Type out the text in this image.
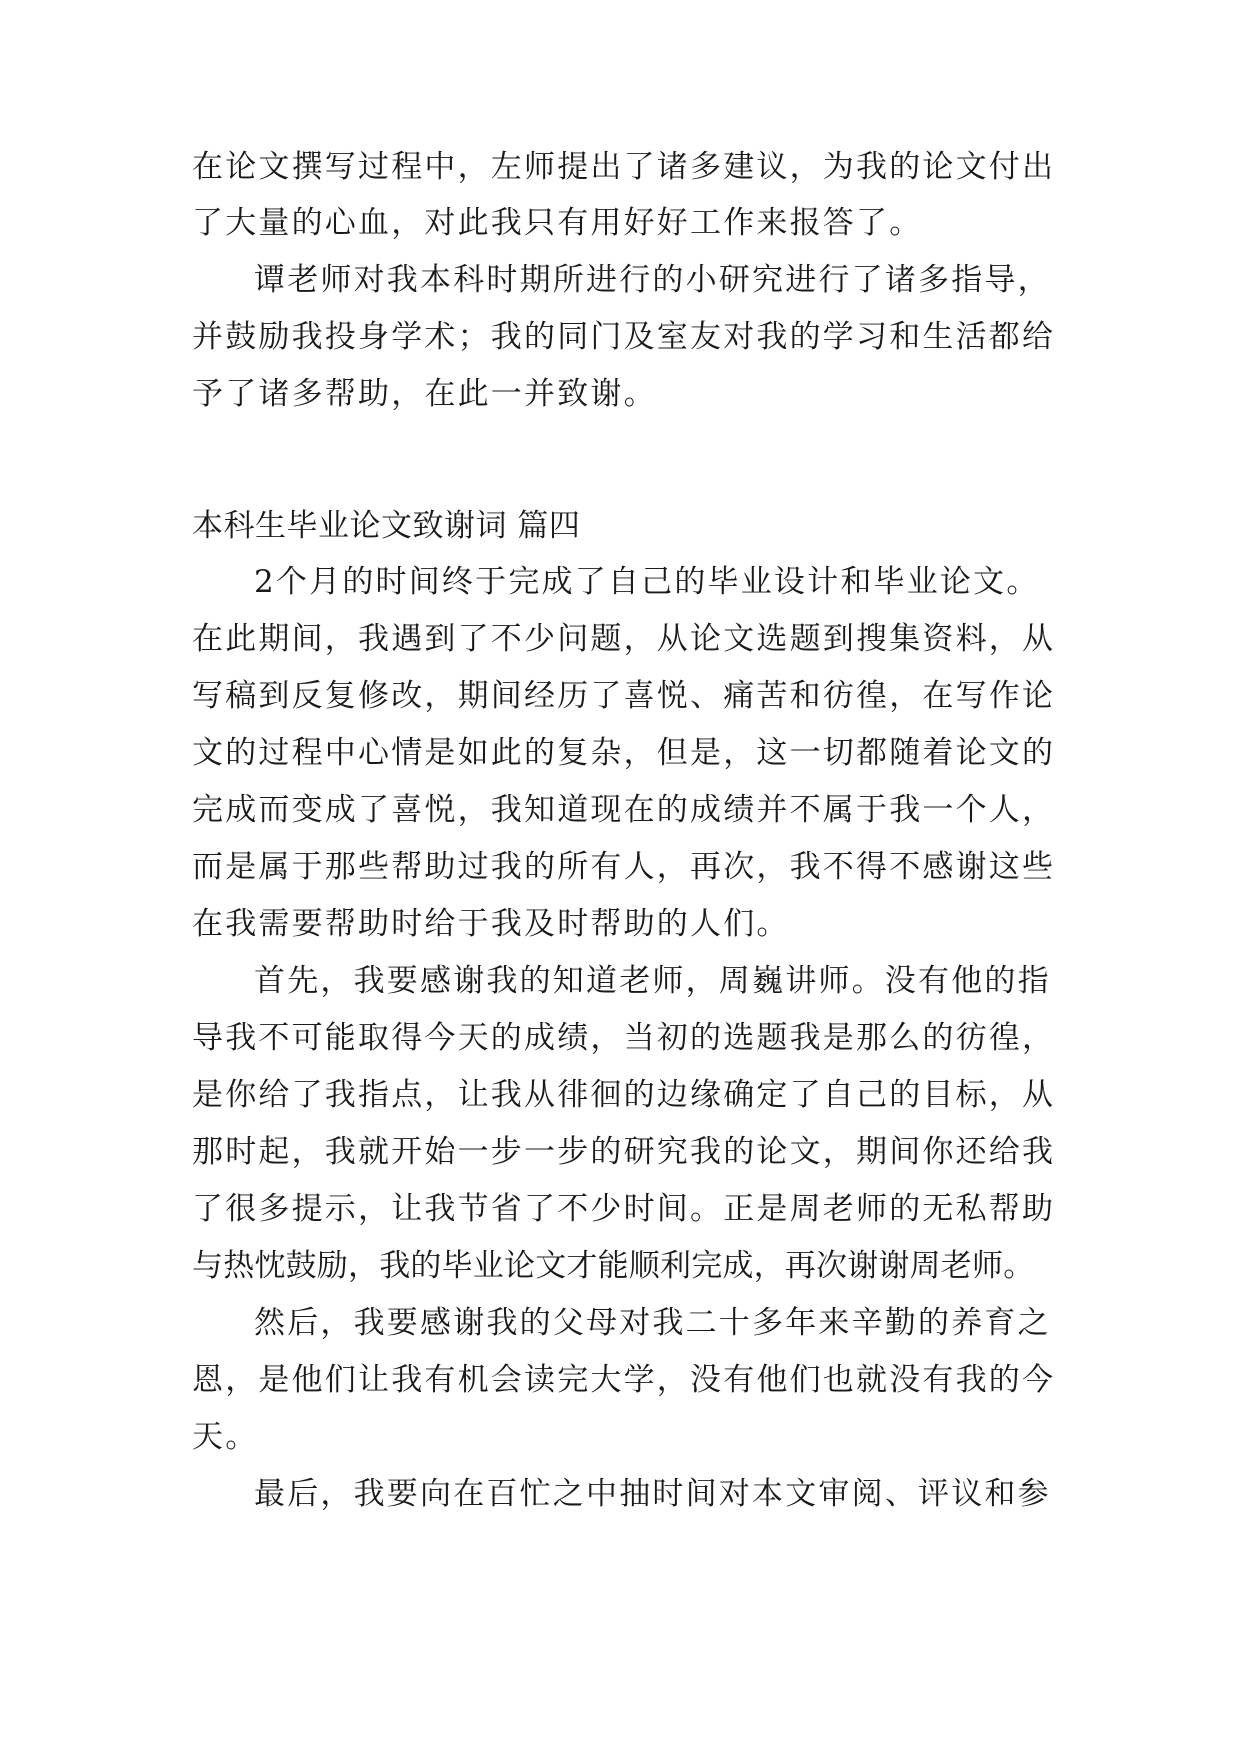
在论文撰写过程中，左师提出了诸多建议，为我的论文付出
了大量的心血，对此我只有用好好工作来报答了。
谭老师对我本科时期所进行的小研究进行了诸多指导，
并鼓励我投身学术；我的同门及室友对我的学习和生活都给
予了诸多帮助，在此一并致谢。
本科生毕业论文致谢词 篇四
2个月的时间终于完成了自己的毕业设计和毕业论文。
在此期间，我遇到了不少问题，从论文选题到搜集资料，从
写稿到反复修改，期间经历了喜悦、痛苦和彷徨，在写作论
文的过程中心情是如此的复杂，但是，这一切都随着论文的
完成而变成了喜悦，我知道现在的成绩并不属于我一个人，
而是属于那些帮助过我的所有人，再次，我不得不感谢这些
在我需要帮助时给于我及时帮助的人们。
首先，我要感谢我的知道老师，周巍讲师。没有他的指
导我不可能取得今天的成绩，当初的选题我是那么的彷徨，
是你给了我指点，让我从徘徊的边缘确定了自己的目标，从
那时起，我就开始一步一步的研究我的论文，期间你还给我
了很多提示，让我节省了不少时间。正是周老师的无私帮助
与热忱鼓励，我的毕业论文才能顺利完成，再次谢谢周老师。
然后，我要感谢我的父母对我二十多年来辛勤的养育之
恩，是他们让我有机会读完大学，没有他们也就没有我的今
天。
最后，我要向在百忙之中抽时间对本文审阅、评议和参
